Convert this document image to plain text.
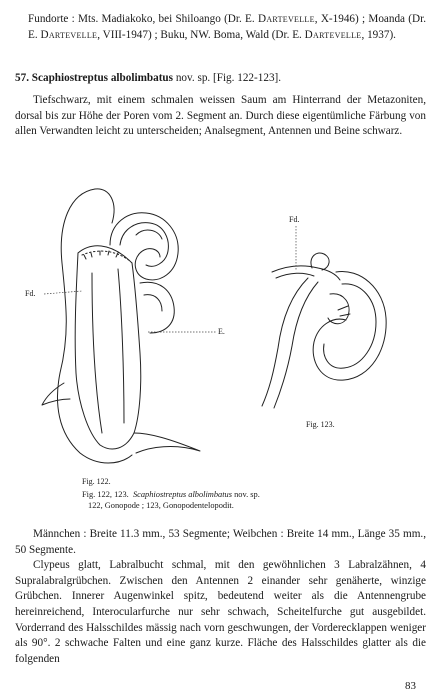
Fundorte : Mts. Madiakoko, bei Shiloango (Dr. E. Dartevelle, X-1946) ; Moanda (Dr. E. Dartevelle, VIII-1947) ; Buku, NW. Boma, Wald (Dr. E. Dartevelle, 1937).

57. Scaphiostreptus albolimbatus nov. sp. [Fig. 122-123].

Tiefschwarz, mit einem schmalen weissen Saum am Hinterrand der Metazoniten, dorsal bis zur Höhe der Poren vom 2. Segment an. Durch diese eigentümliche Färbung von allen Verwandten leicht zu unterscheiden; Analsegment, Antennen und Beine schwarz.

Fd.
E.
Fd.
Fig. 123.
Fig. 122.
Fig. 122, 123. Scaphiostreptus albolimbatus nov. sp.
122, Gonopode ; 123, Gonopodentelopodit.
Männchen : Breite 11.3 mm., 53 Segmente; Weibchen : Breite 14 mm., Länge 35 mm., 50 Segmente.
Clypeus glatt, Labralbucht schmal, mit den gewöhnlichen 3 Labralzähnen, 4 Supralabralgrübchen. Zwischen den Antennen 2 einander sehr genäherte, winzige Grübchen. Innerer Augenwinkel spitz, bedeutend weiter als die Antennengrube hereinreichend, Interocularfurche nur sehr schwach, Scheitelfurche gut ausgebildet. Vorderrand des Halsschildes mässig nach vorn geschwungen, der Vorderecklappen weniger als 90°. 2 schwache Falten und eine ganz kurze. Fläche des Halsschildes glatter als die folgenden
83
